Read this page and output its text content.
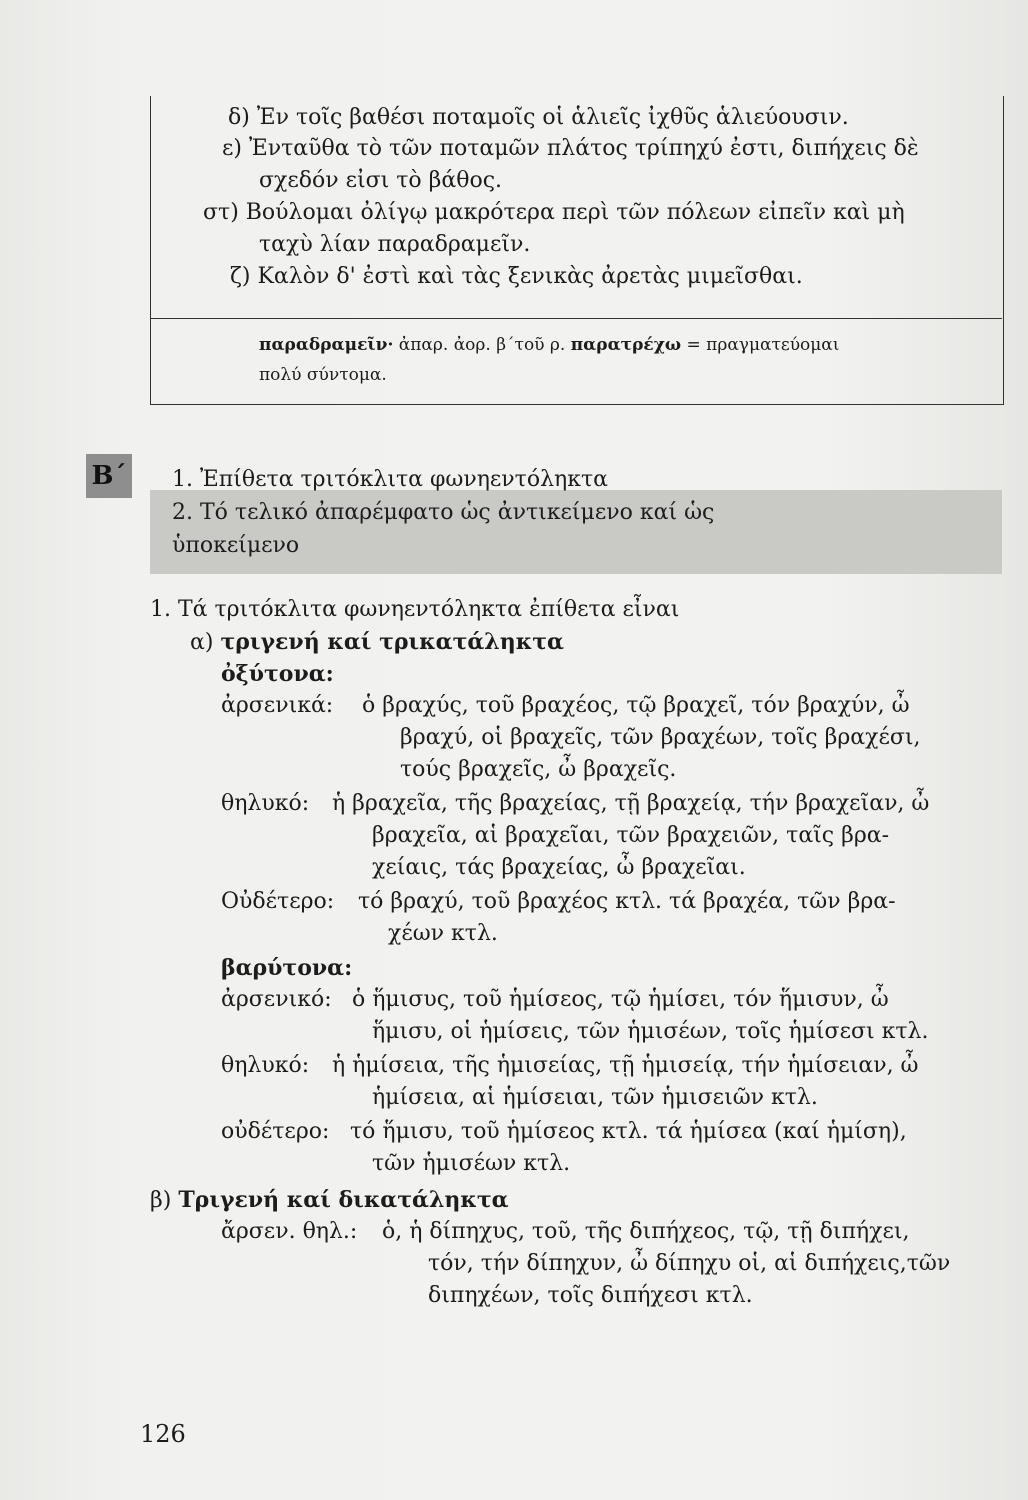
δ) Ἐν τοῖς βαθέσι ποταμοῖς οἱ ἁλιεῖς ἰχθῦς ἁλιεύουσιν.
ε) Ἐνταῦθα τὸ τῶν ποταμῶν πλάτος τρίπηχύ ἐστι, διπήχεις δὲ
σχεδόν εἰσι τὸ βάθος.
στ) Βούλομαι ὀλίγῳ μακρότερα περὶ τῶν πόλεων εἰπεῖν καὶ μὴ
ταχὺ λίαν παραδραμεῖν.
ζ) Καλὸν δ' ἐστὶ καὶ τὰς ξενικὰς ἀρετὰς μιμεῖσθαι.
παραδραμεῖν· ἀπαρ. ἀορ. β΄τοῦ ρ. παρατρέχω = πραγματεύομαι
πολύ σύντομα.
B΄ 1. Ἐπίθετα τριτόκλιτα φωνηεντόληκτα
2. Τό τελικό ἀπαρέμφατο ὡς ἀντικείμενο καί ὡς
ὑποκείμενο
1. Τά τριτόκλιτα φωνηεντόληκτα ἐπίθετα εἶναι
α) τριγενή καί τρικατάληκτα
ὀξύτονα:
ἀρσενικά: ὁ βραχύς, τοῦ βραχέος, τῷ βραχεῖ, τόν βραχύν, ὦ
βραχύ, οἱ βραχεῖς, τῶν βραχέων, τοῖς βραχέσι,
τούς βραχεῖς, ὦ βραχεῖς.
θηλυκό: ἡ βραχεῖα, τῆς βραχείας, τῇ βραχείᾳ, τήν βραχεῖαν, ὦ
βραχεῖα, αἱ βραχεῖαι, τῶν βραχειῶν, ταῖς βρα-
χείαις, τάς βραχείας, ὦ βραχεῖαι.
Οὐδέτερο: τό βραχύ, τοῦ βραχέος κτλ. τά βραχέα, τῶν βρα-
χέων κτλ.
βαρύτονα:
ἀρσενικό: ὁ ἥμισυς, τοῦ ἡμίσεος, τῷ ἡμίσει, τόν ἥμισυν, ὦ
ἥμισυ, οἱ ἡμίσεις, τῶν ἡμισέων, τοῖς ἡμίσεσι κτλ.
θηλυκό: ἡ ἡμίσεια, τῆς ἡμισείας, τῇ ἡμισείᾳ, τήν ἡμίσειαν, ὦ
ἡμίσεια, αἱ ἡμίσειαι, τῶν ἡμισειῶν κτλ.
οὐδέτερο: τό ἥμισυ, τοῦ ἡμίσεος κτλ. τά ἡμίσεα (καί ἡμίση),
τῶν ἡμισέων κτλ.
β) Τριγενή καί δικατάληκτα
ἄρσεν. θηλ.: ὁ, ἡ δίπηχυς, τοῦ, τῆς διπήχεος, τῷ, τῇ διπήχει,
τόν, τήν δίπηχυν, ὦ δίπηχυ οἱ, αἱ διπήχεις,τῶν
διπηχέων, τοῖς διπήχεσι κτλ.
126
